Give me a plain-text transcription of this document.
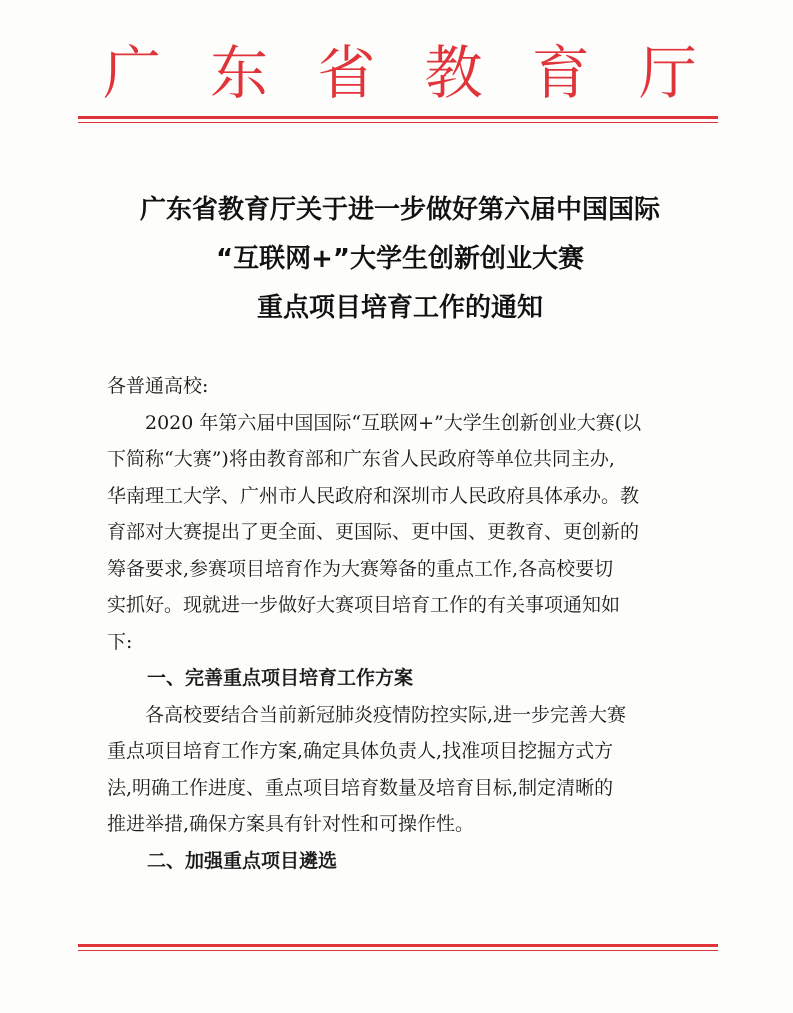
广 东 省 教 育 厅
广东省教育厅关于进一步做好第六届中国国际
“互联网+”大学生创新创业大赛
重点项目培育工作的通知
各普通高校:
2020 年第六届中国国际“互联网+”大学生创新创业大赛(以
下简称“大赛”)将由教育部和广东省人民政府等单位共同主办,
华南理工大学、广州市人民政府和深圳市人民政府具体承办。教
育部对大赛提出了更全面、更国际、更中国、更教育、更创新的
筹备要求,参赛项目培育作为大赛筹备的重点工作,各高校要切
实抓好。现就进一步做好大赛项目培育工作的有关事项通知如
下:
一、完善重点项目培育工作方案
各高校要结合当前新冠肺炎疫情防控实际,进一步完善大赛
重点项目培育工作方案,确定具体负责人,找准项目挖掘方式方
法,明确工作进度、重点项目培育数量及培育目标,制定清晰的
推进举措,确保方案具有针对性和可操作性。
二、加强重点项目遴选
